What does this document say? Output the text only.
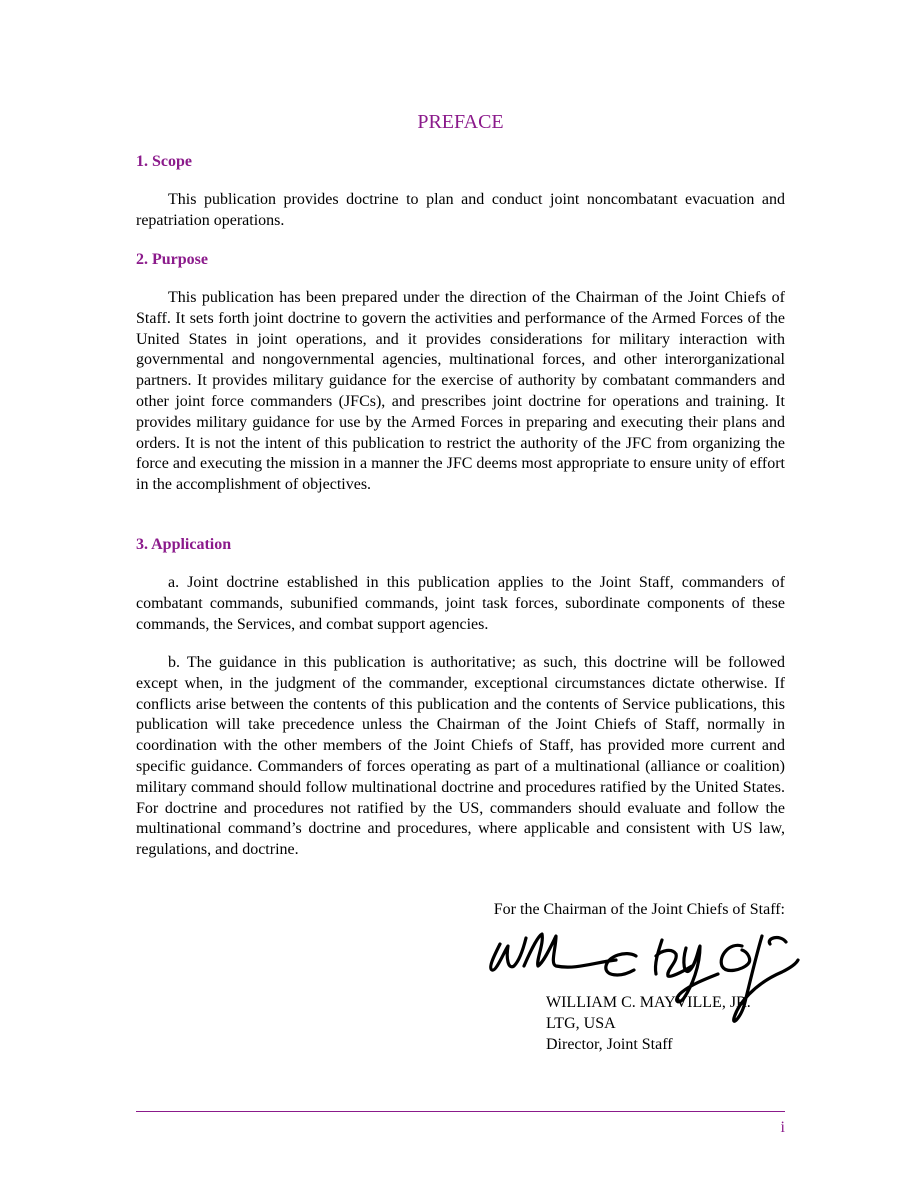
PREFACE
1. Scope

This publication provides doctrine to plan and conduct joint noncombatant evacuation and repatriation operations.

2. Purpose

This publication has been prepared under the direction of the Chairman of the Joint Chiefs of Staff. It sets forth joint doctrine to govern the activities and performance of the Armed Forces of the United States in joint operations, and it provides considerations for military interaction with governmental and nongovernmental agencies, multinational forces, and other interorganizational partners. It provides military guidance for the exercise of authority by combatant commanders and other joint force commanders (JFCs), and prescribes joint doctrine for operations and training. It provides military guidance for use by the Armed Forces in preparing and executing their plans and orders. It is not the intent of this publication to restrict the authority of the JFC from organizing the force and executing the mission in a manner the JFC deems most appropriate to ensure unity of effort in the accomplishment of objectives.

3. Application

a. Joint doctrine established in this publication applies to the Joint Staff, commanders of combatant commands, subunified commands, joint task forces, subordinate components of these commands, the Services, and combat support agencies.

b. The guidance in this publication is authoritative; as such, this doctrine will be followed except when, in the judgment of the commander, exceptional circumstances dictate otherwise. If conflicts arise between the contents of this publication and the contents of Service publications, this publication will take precedence unless the Chairman of the Joint Chiefs of Staff, normally in coordination with the other members of the Joint Chiefs of Staff, has provided more current and specific guidance. Commanders of forces operating as part of a multinational (alliance or coalition) military command should follow multinational doctrine and procedures ratified by the United States. For doctrine and procedures not ratified by the US, commanders should evaluate and follow the multinational command’s doctrine and procedures, where applicable and consistent with US law, regulations, and doctrine.

For the Chairman of the Joint Chiefs of Staff:
WILLIAM C. MAYVILLE, JR.
LTG, USA
Director, Joint Staff
i
